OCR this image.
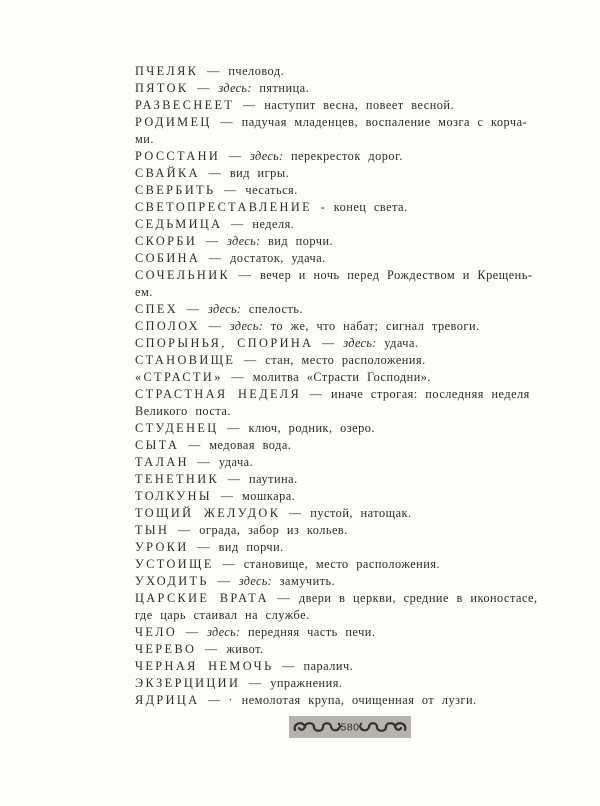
ПЧЕЛЯК — пчеловод.

ПЯТОК — здесь: пятница.

РАЗВЕСНЕЕТ — наступит весна, повеет весной.

РОДИМЕЦ — падучая младенцев, воспаление мозга с корча-
ми.

РОССТАНИ — здесь: перекресток дорог.

СВАЙКА — вид игры.

СВЕРБИТЬ — чесаться.

СВЕТОПРЕСТАВЛЕНИЕ - конец света.

СЕДЬМИЦА — неделя.

СКОРБИ — здесь: вид порчи.

СОБИНА — достаток, удача.

СОЧЕЛЬНИК — вечер и ночь перед Рождеством и Крещень-
ем.

СПЕХ — здесь: спелость.

СПОЛОХ — здесь: то же, что набат; сигнал тревоги.

СПОРЫНЬЯ, СПОРИНА — здесь: удача.

СТАНОВИЩЕ — стан, место расположения.

«СТРАСТИ» — молитва «Страсти Господни».

СТРАСТНАЯ НЕДЕЛЯ — иначе строгая: последняя неделя
Великого поста.

СТУДЕНЕЦ — ключ, родник, озеро.

СЫТА — медовая вода.

ТАЛАН — удача.

ТЕНЕТНИК — паутина.

ТОЛКУНЫ — мошкара.

ТОЩИЙ ЖЕЛУДОК — пустой, натощак.

ТЫН — ограда, забор из кольев.

УРОКИ — вид порчи.

УСТОИЩЕ — становище, место расположения.

УХОДИТЬ — здесь: замучить.

ЦАРСКИЕ ВРАТА — двери в церкви, средние в иконостасе,
где царь стаивал на службе.

ЧЕЛО — здесь: передняя часть печи.

ЧЕРЕВО — живот.

ЧЕРНАЯ НЕМОЧЬ — паралич.

ЭКЗЕРЦИЦИИ — упражнения.

ЯДРИЦА — · немолотая крупа, очищенная от лузги.

580
